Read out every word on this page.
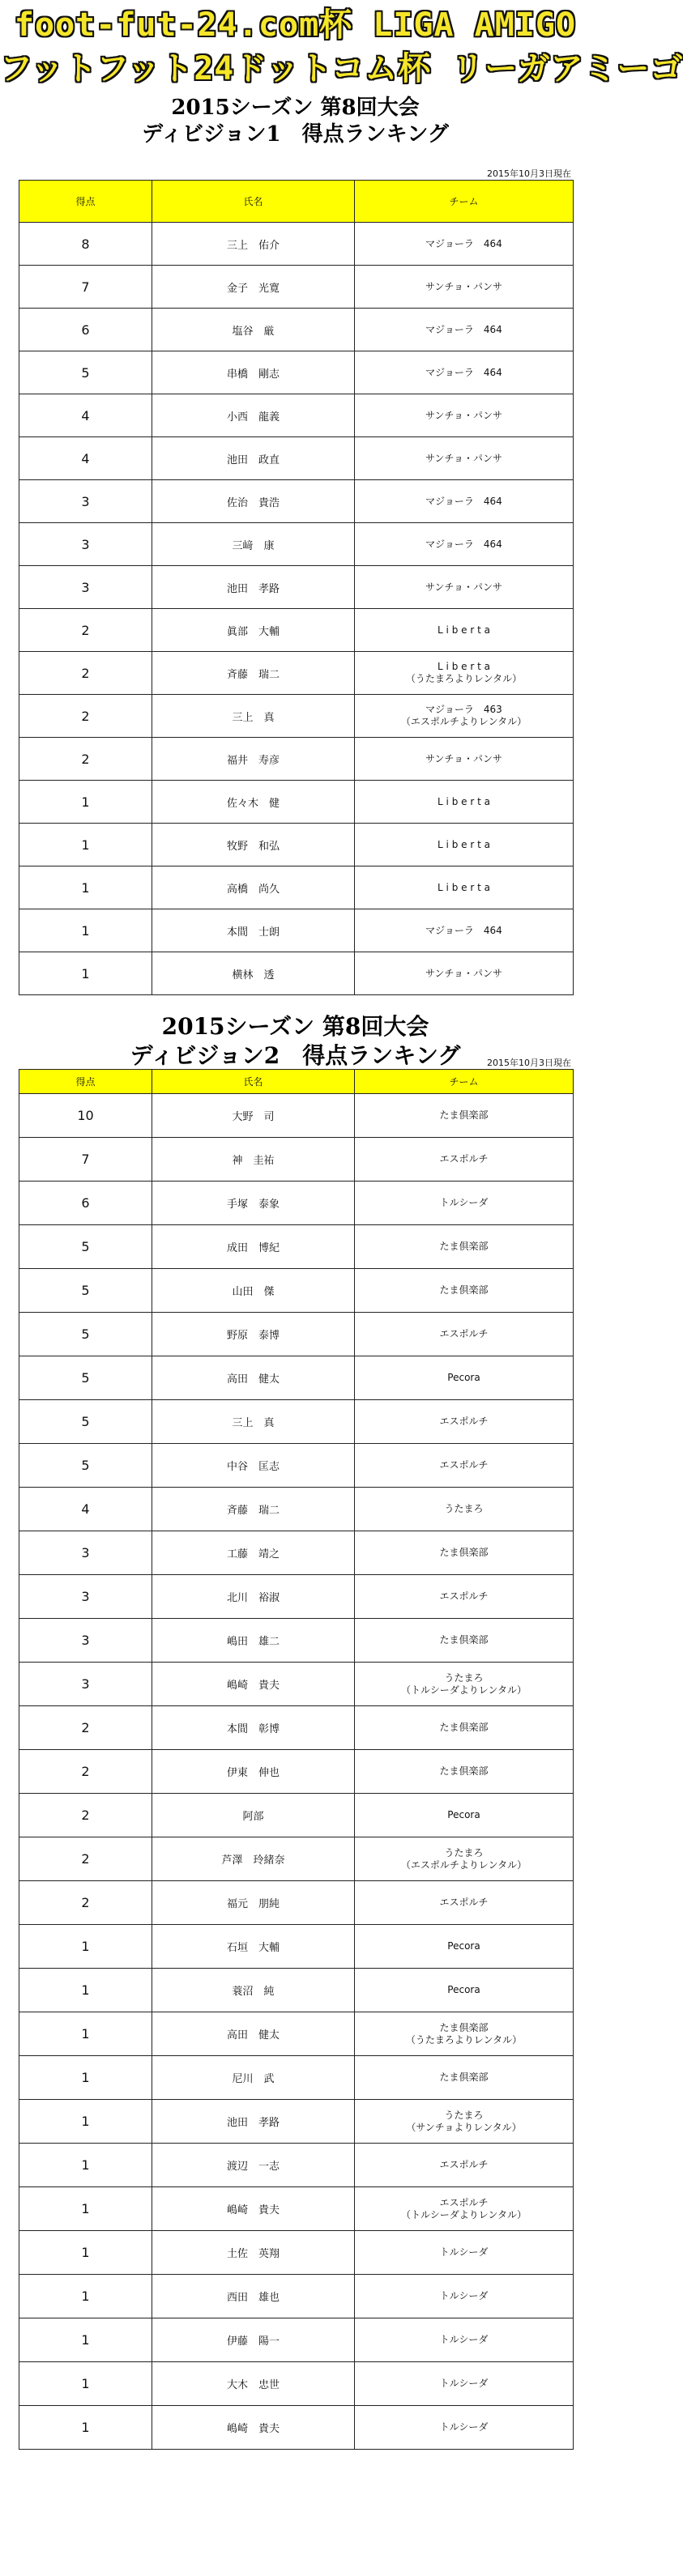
foot-fut-24.com杯 LIGA AMIGO
フットフット24ドットコム杯 リーガアミーゴ
2015シーズン 第8回大会
ディビジョン1　得点ランキング
2015年10月3日現在
得点	氏名	チーム
8	三上　佑介	マジョーラ　464
7	金子　光寛	サンチョ・パンサ
6	塩谷　厳	マジョーラ　464
5	串橋　剛志	マジョーラ　464
4	小西　龍義	サンチョ・パンサ
4	池田　政直	サンチョ・パンサ
3	佐治　貴浩	マジョーラ　464
3	三﨑　康	マジョーラ　464
3	池田　孝路	サンチョ・パンサ
2	眞部　大輔	L i b e r t a
2	斉藤　瑞二	L i b e r t a
（うたまろよりレンタル）

2	三上　真	マジョーラ　463
（エスポルチよりレンタル）

2	福井　寿彦	サンチョ・パンサ
1	佐々木　健	L i b e r t a
1	牧野　和弘	L i b e r t a
1	高橋　尚久	L i b e r t a
1	本間　士朗	マジョーラ　464
1	横林　透	サンチョ・パンサ
2015シーズン 第8回大会
ディビジョン2　得点ランキング	2015年10月3日現在
得点	氏名	チーム
10	大野　司	たま倶楽部
7	神　圭祐	エスポルチ
6	手塚　泰象	トルシーダ
5	成田　博紀	たま倶楽部
5	山田　傑	たま倶楽部
5	野原　泰博	エスポルチ
5	高田　健太	Pecora
5	三上　真	エスポルチ
5	中谷　匡志	エスポルチ
4	斉藤　瑞二	うたまろ
3	工藤　靖之	たま倶楽部
3	北川　裕淑	エスポルチ
3	嶋田　雄二	たま倶楽部
3	嶋崎　貴夫	うたまろ
（トルシーダよりレンタル）

2	本間　彰博	たま倶楽部
2	伊東　伸也	たま倶楽部
2	阿部	Pecora
2	芦澤　玲緒奈	うたまろ
（エスポルチよりレンタル）

2	福元　朋純	エスポルチ
1	石垣　大輔	Pecora
1	蓑沼　純	Pecora
1	高田　健太	たま倶楽部
（うたまろよりレンタル）

1	尼川　武	たま倶楽部
1	池田　孝路	うたまろ
（サンチョよりレンタル）

1	渡辺　一志	エスポルチ
1	嶋崎　貴夫	エスポルチ
（トルシーダよりレンタル）

1	土佐　英翔	トルシーダ
1	西田　雄也	トルシーダ
1	伊藤　陽一	トルシーダ
1	大木　忠世	トルシーダ
1	嶋崎　貴夫	トルシーダ
